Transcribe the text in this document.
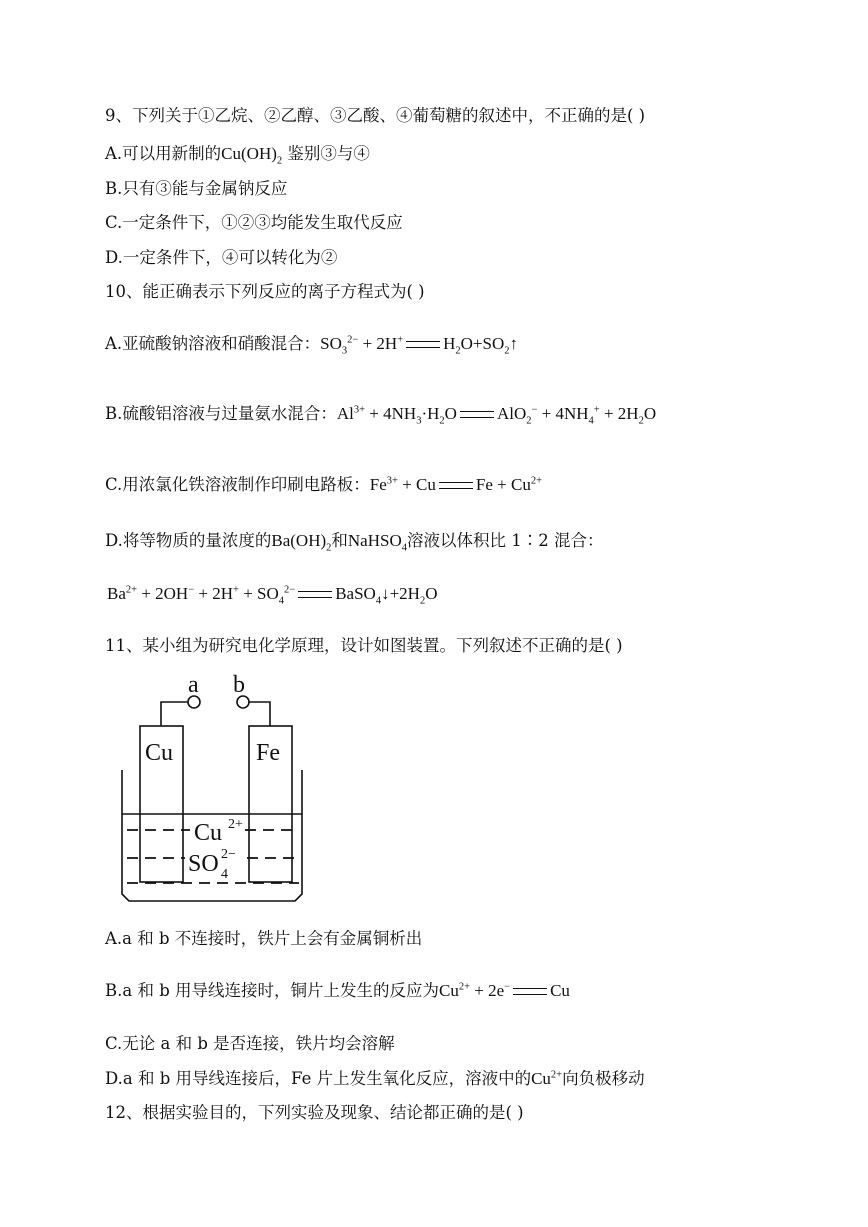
9、下列关于①乙烷、②乙醇、③乙酸、④葡萄糖的叙述中，不正确的是( )
A.可以用新制的$Cu(OH)_2$ 鉴别③与④
B.只有③能与金属钠反应
C.一定条件下，①②③均能发生取代反应
D.一定条件下，④可以转化为②
10、能正确表示下列反应的离子方程式为( )
A.亚硫酸钠溶液和硝酸混合：$SO_3^{2-} + 2H^+$ $H_2O+SO_2↑$
B.硫酸铝溶液与过量氨水混合：$Al^{3+} + 4NH_3\cdot H_2O$ $AlO_2^- + 4NH_4^+ + 2H_2O$
C.用浓氯化铁溶液制作印刷电路板：$Fe^{3+} + Cu$ $Fe + Cu^{2+}$
D.将等物质的量浓度的$Ba(OH)_2$和NaHSO$_4$溶液以体积比 1∶2 混合：
$Ba^{2+} + 2OH^- + 2H^+ + SO_4^{2-}$ $BaSO_4↓+2H_2O$
11、某小组为研究电化学原理，设计如图装置。下列叙述不正确的是( )
a b
Cu	Fe
Cu 2+
SO 4
2−
A.a 和 b 不连接时，铁片上会有金属铜析出
B.a 和 b 用导线连接时，铜片上发生的反应为$Cu^{2+} + 2e^-$ Cu
C.无论 a 和 b 是否连接，铁片均会溶解
D.a 和 b 用导线连接后，Fe 片上发生氧化反应，溶液中的$Cu^{2+}$向负极移动
12、根据实验目的，下列实验及现象、结论都正确的是( )
